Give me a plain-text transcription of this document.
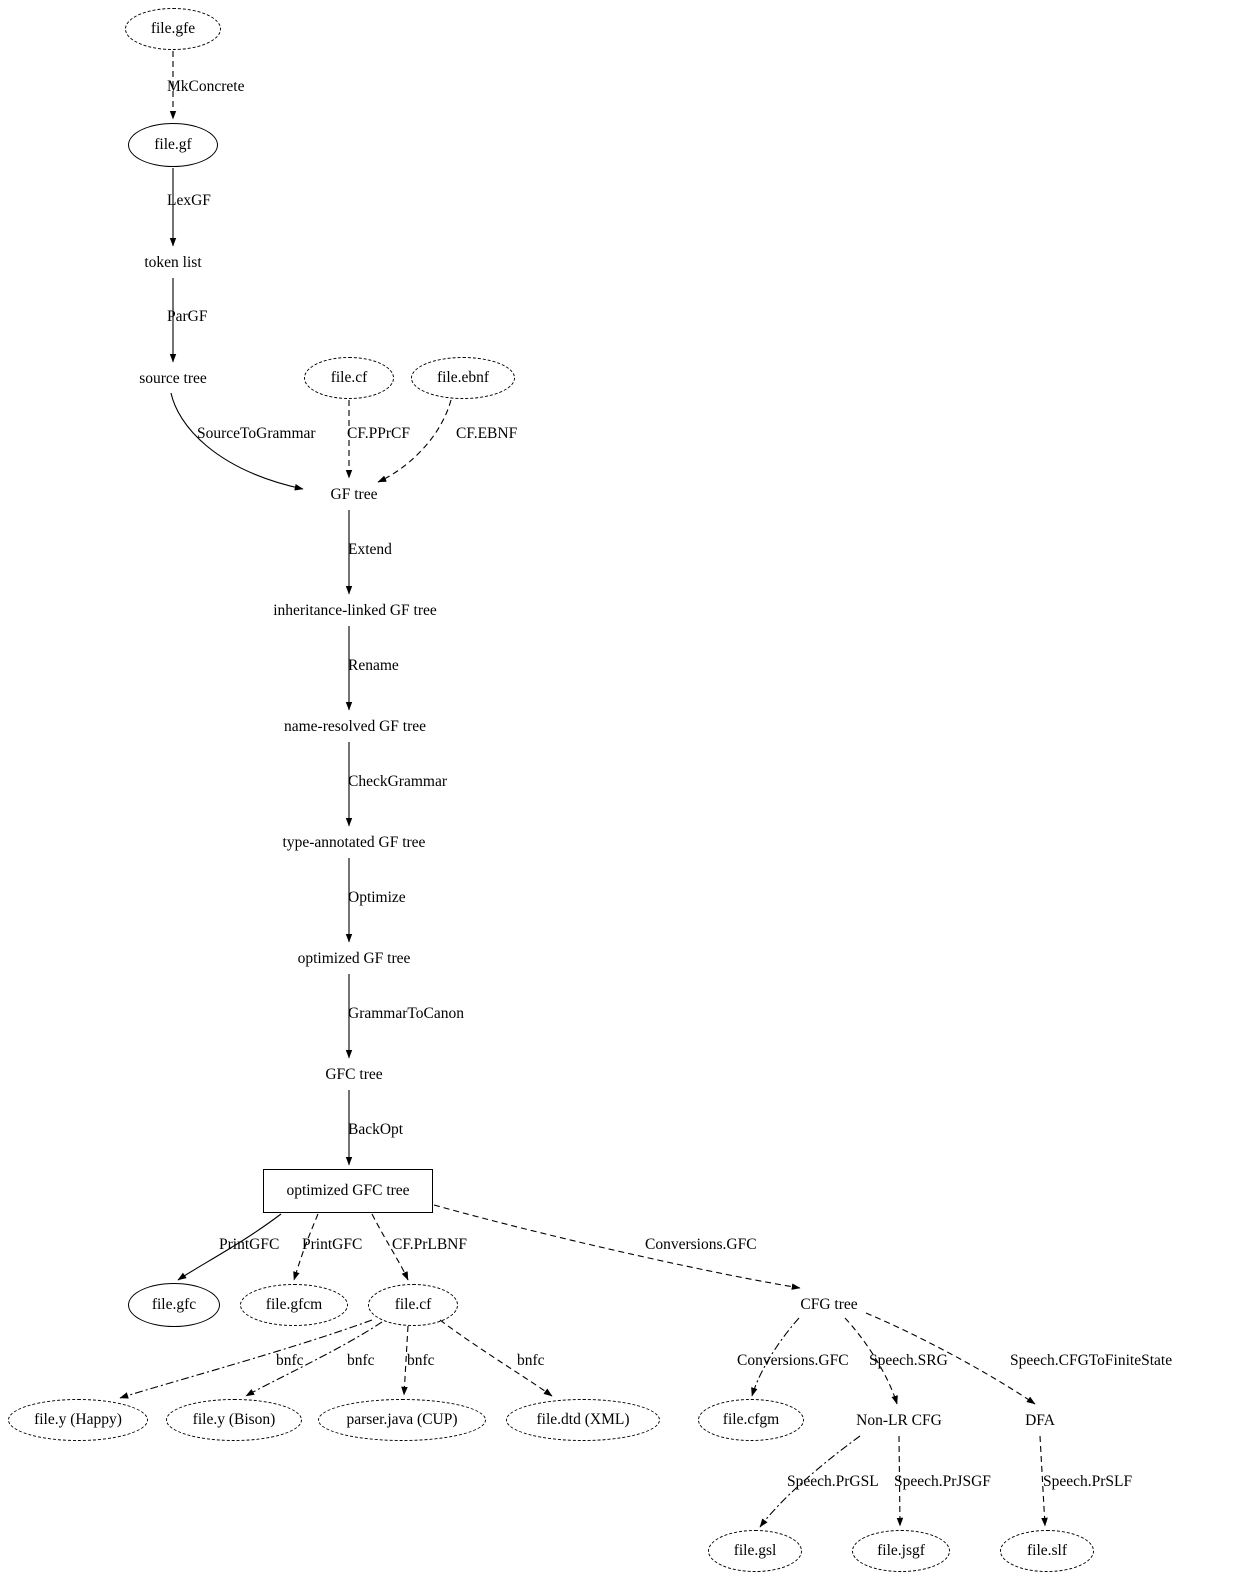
file.gfe
file.gf
token list
source tree	file.cf	file.ebnf
GF tree
inheritance-linked GF tree
name-resolved GF tree
type-annotated GF tree
optimized GF tree
GFC tree
optimized GFC tree
file.gfc	file.gfcm	file.cf	CFG tree
file.y (Happy)	file.y (Bison)	parser.java (CUP)	file.dtd (XML)	file.cfgm	Non-LR CFG	DFA
file.gsl	file.jsgf	file.slf
MkConcrete
LexGF
ParGF
SourceToGrammar CF.PPrCF	CF.EBNF
Extend
Rename
CheckGrammar
Optimize
GrammarToCanon
BackOpt
PrintGFC PrintGFC CF.PrLBNF	Conversions.GFC
bnfc	bnfc bnfc	bnfc	Conversions.GFC Speech.SRG	Speech.CFGToFiniteState
Speech.PrGSL Speech.PrJSGF	Speech.PrSLF
